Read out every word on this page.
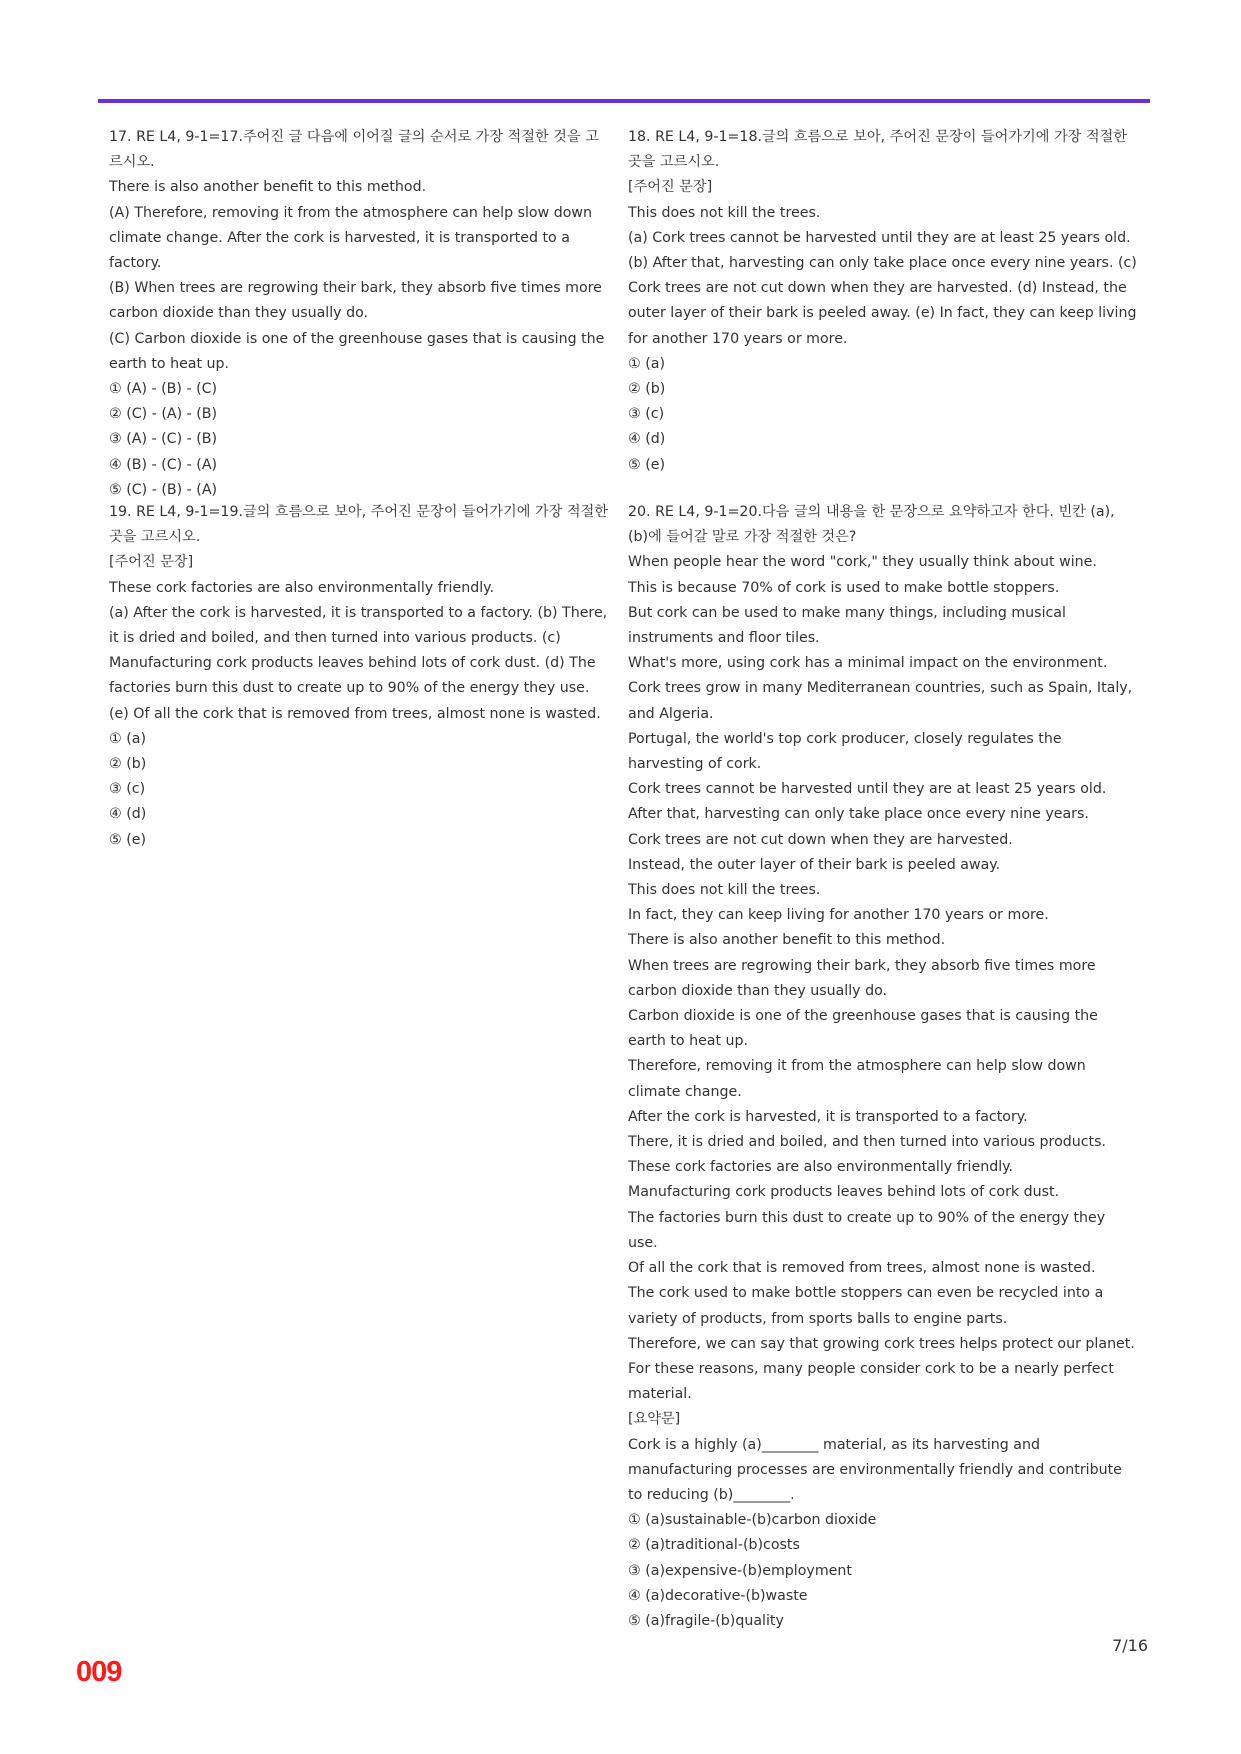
17. RE L4, 9-1=17.주어진 글 다음에 이어질 글의 순서로 가장 적절한 것을 고르시오.

There is also another benefit to this method.

(A) Therefore, removing it from the atmosphere can help slow down climate change. After the cork is harvested, it is transported to a factory.

(B) When trees are regrowing their bark, they absorb five times more carbon dioxide than they usually do.

(C) Carbon dioxide is one of the greenhouse gases that is causing the earth to heat up.

① (A) - (B) - (C)
② (C) - (A) - (B)
③ (A) - (C) - (B)
④ (B) - (C) - (A)
⑤ (C) - (B) - (A)

19. RE L4, 9-1=19.글의 흐름으로 보아, 주어진 문장이 들어가기에 가장 적절한 곳을 고르시오.

[주어진 문장]

These cork factories are also environmentally friendly.

(a) After the cork is harvested, it is transported to a factory. (b) There, it is dried and boiled, and then turned into various products. (c) Manufacturing cork products leaves behind lots of cork dust. (d) The factories burn this dust to create up to 90% of the energy they use. (e) Of all the cork that is removed from trees, almost none is wasted.

① (a)
② (b)
③ (c)
④ (d)
⑤ (e)

18. RE L4, 9-1=18.글의 흐름으로 보아, 주어진 문장이 들어가기에 가장 적절한 곳을 고르시오.

[주어진 문장]

This does not kill the trees.

(a) Cork trees cannot be harvested until they are at least 25 years old. (b) After that, harvesting can only take place once every nine years. (c) Cork trees are not cut down when they are harvested. (d) Instead, the outer layer of their bark is peeled away. (e) In fact, they can keep living for another 170 years or more.

① (a)
② (b)
③ (c)
④ (d)
⑤ (e)

20. RE L4, 9-1=20.다음 글의 내용을 한 문장으로 요약하고자 한다. 빈칸 (a), (b)에 들어갈 말로 가장 적절한 것은?

When people hear the word "cork," they usually think about wine.

This is because 70% of cork is used to make bottle stoppers.

But cork can be used to make many things, including musical instruments and floor tiles.

What's more, using cork has a minimal impact on the environment.

Cork trees grow in many Mediterranean countries, such as Spain, Italy, and Algeria.

Portugal, the world's top cork producer, closely regulates the harvesting of cork.

Cork trees cannot be harvested until they are at least 25 years old.

After that, harvesting can only take place once every nine years.

Cork trees are not cut down when they are harvested.

Instead, the outer layer of their bark is peeled away.

This does not kill the trees.

In fact, they can keep living for another 170 years or more.

There is also another benefit to this method.

When trees are regrowing their bark, they absorb five times more carbon dioxide than they usually do.

Carbon dioxide is one of the greenhouse gases that is causing the earth to heat up.

Therefore, removing it from the atmosphere can help slow down climate change.

After the cork is harvested, it is transported to a factory.

There, it is dried and boiled, and then turned into various products.

These cork factories are also environmentally friendly.

Manufacturing cork products leaves behind lots of cork dust.

The factories burn this dust to create up to 90% of the energy they use.

Of all the cork that is removed from trees, almost none is wasted.

The cork used to make bottle stoppers can even be recycled into a variety of products, from sports balls to engine parts.

Therefore, we can say that growing cork trees helps protect our planet.

For these reasons, many people consider cork to be a nearly perfect material.

[요약문]

Cork is a highly (a)________ material, as its harvesting and manufacturing processes are environmentally friendly and contribute to reducing (b)________.

① (a)sustainable-(b)carbon dioxide
② (a)traditional-(b)costs
③ (a)expensive-(b)employment
④ (a)decorative-(b)waste
⑤ (a)fragile-(b)quality
7/16
009
